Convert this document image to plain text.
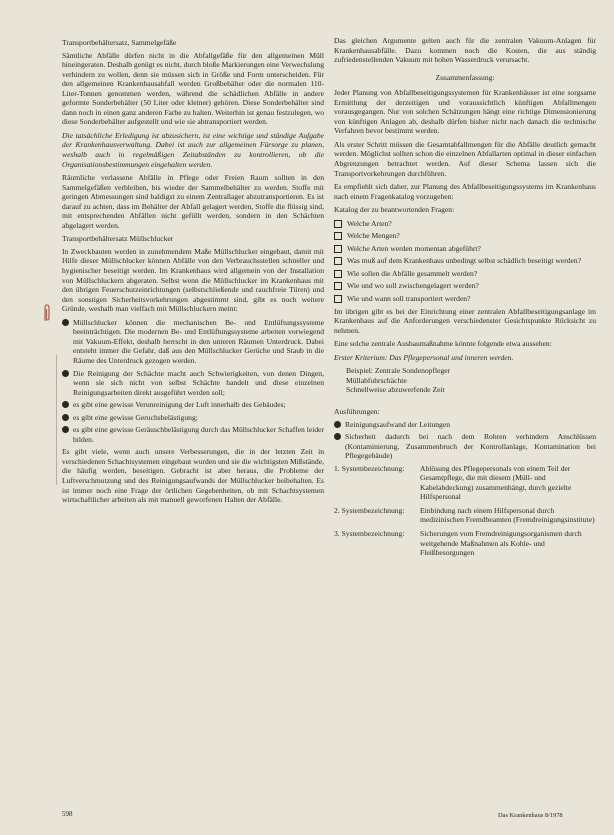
Transportbehältersatz, Sammelgefäße

Sämtliche Abfälle dürfen nicht in die Abfallgefäße für den allgemeinen Müll hineingeraten. Deshalb genügt es nicht, durch bloße Markierungen eine Verwechslung verhindern zu wollen, denn sie müssen sich in Größe und Form unterscheiden. Für den allgemeinen Krankenhausabfall werden Großbehälter oder die normalen 110-Liter-Tonnen genommen werden, während die schädlichen Abfälle in andere geformte Sonderbehälter (50 Liter oder kleiner) gehören. Diese Sonderbehälter sind dann noch in einen ganz anderen Farbe zu halten. Weiterhin ist genau festzulegen, wo diese Sonderbehälter aufgestellt und wie sie abtransportiert werden.

Die tatsächliche Erledigung ist abzusichern, ist eine wichtige und ständige Aufgabe der Krankenhausverwaltung. Dabei ist auch zur allgemeinen Fürsorge zu planen, weshalb auch in regelmäßigen Zeitabständen zu kontrollieren, ob die Organisationsbestimmungen eingehalten werden.

Räumliche verlassene Abfälle in Pflege oder Freien Raum sollten in den Sammelgefäßen verbleiben, bis wieder der Sammelbehälter zu werden. Stoffe mit geringen Abmessungen sind baldigst zu einem Zentrallager abzutransportieren. Es ist darauf zu achten, dass im Behälter der Abfall gelagert werden, Stoffe die flüssig sind, mit entsprechenden Abfällen nicht gefüllt werden, sondern in den Schächten abgelagert werden.

Transportbehältersatz Müllschlucker

In Zweckbauten werden in zunehmendem Maße Müllschlucker eingebaut, damit mit Hilfe dieser Müllschlucker können Abfälle von den Verbrauchsstellen schneller und hygienischer beseitigt werden. Im Krankenhaus wird allgemein von der Installation von Müllschluckern abgeraten. Selbst wenn die Müllschlucker im Krankenhaus mit den übrigen Feuerschutzeinrichtungen (selbstschließende und rauchfreie Türen) und den sonstigen Sicherheitsvorkehrungen abgestimmt sind, gibt es noch weitere Gründe, weshalb man vielfach mit Müllschluckern meint:

Müllschlucker können die mechanischen Be- und Entlüftungssysteme beeinträchtigen. Die modernen Be- und Entlüftungssysteme arbeiten vorwiegend mit Vakuum-Effekt, deshalb herrscht in den unteren Räumen Unterdruck. Dabei entsteht immer die Gefahr, daß aus den Müllschlucker Gerüche und Staub in die Räume des Unterdruck gezogen werden.
Die Reinigung der Schächte macht auch Schwierigkeiten, von denen Dingen, wenn sie sich nicht von selbst Schächte handelt und diese einzelnen Reinigungsarbeiten direkt ausgeführt werden soll;
es gibt eine gewisse Verunreinigung der Luft innerhalb des Gebäudes;
es gibt eine gewisse Geruchsbelästigung;
es gibt eine gewisse Geräuschbelästigung durch das Müllschlucker Schaffen leider bilden.

Es gibt viele, wenn auch unsere Verbesserungen, die in der letzten Zeit in verschiedenen Schachtsystemen eingebaut wurden und sie die wichtigsten Mißstände, die häufig werden, beseitigen. Gebracht ist aber heraus, die Probleme der Luftverschmutzung und des Reinigungsaufwands der Müllschlucker beibehalten. Es ist immer noch eine Frage der örtlichen Gegebenheiten, ob mit Schachtsystemen wirtschaftlicher arbeiten als mit manuell geworfenen Halten der Abfälle.

Das gleichen Argumente gelten auch für die zentralen Vakuum-Anlagen für Krankenhausabfälle. Dazu kommen noch die Kosten, die aus ständig zufriedenstellenden Vakuum mit hohen Wasserdruck verursacht.

Zusammenfassung:

Jeder Planung von Abfallbeseitigungssystemen für Krankenhäuser ist eine sorgsame Ermittlung der derzeitigen und voraussichtlich künftigen Abfallmengen vorausgegangen. Nur von solchen Schätzungen hängt eine richtige Dimensionierung von künftigen Anlagen ab, deshalb dürfen bisher nicht nach danach die technische Verfahren bevor bestimmt werden.

Als erster Schritt müssen die Gesamtabfallmengen für die Abfälle deutlich gemacht werden. Möglichst sollten schon die einzelnen Abfallarten optimal in dieser einfachen Abgrenzungen betrachtet werden. Auf dieser Schema lassen sich die Transportvorkehrungen durchführen.

Es empfiehlt sich daher, zur Planung des Abfallbeseitigungssystems im Krankenhaus nach einem Fragenkatalog vorzugehen:

Katalog der zu beantwortenden Fragen:

Welche Arten?
Welche Mengen?
Welche Arten werden momentan abgeführt?
Was muß auf dem Krankenhaus unbedingt selbst schädlich beseitigt werden?
Wie sollen die Abfälle gesammelt werden?
Wie und wo soll zwischengelagert werden?
Wie und wann soll transportiert werden?

Im übrigen gibt es bei der Einrichtung einer zentralen Abfallbeseitigungsanlage im Krankenhaus auf die Anforderungen verschiedenster Gesichtspunkte Rücksicht zu nehmen.

Eine solche zentrale Ausbaumaßnahme könnte folgende etwa aussehen:

Erster Kriterium: Das Pflegepersonal und inneren werden.

Beispiel: Zentrale Sondenopfleger
Müllabfuhrschächte
Schnellweise abzuwerfende Zeit

Ausführungen:

Reinigungsaufwand der Leitungen
Sicherheit dadurch bei nach dem Rohren verhindern Anschlüssen (Kontaminierung, Zusammenbruch der Kontrollanlage, Kontamination bei Pflegegebäude)
1. Systembezeichnung:	Ablösung des Pflegepersonals von einem Teil der Gesamtpflege, die mit diesem (Müll- und Kabelabdeckung) zusammenhängt, durch gezielte Hilfspersonal
2. Systembezeichnung:	Einbindung nach einem Hilfspersonal durch medizinischen Fremdbeamten (Fremdreinigungsinstitute)
3. Systembezeichnung:	Sicherungen vom Fremdreinigungsorganismen durch weitgehende Maßnahmen als Kohle- und Fleißbesorgungen
598	Das Krankenhaus 8/1978
